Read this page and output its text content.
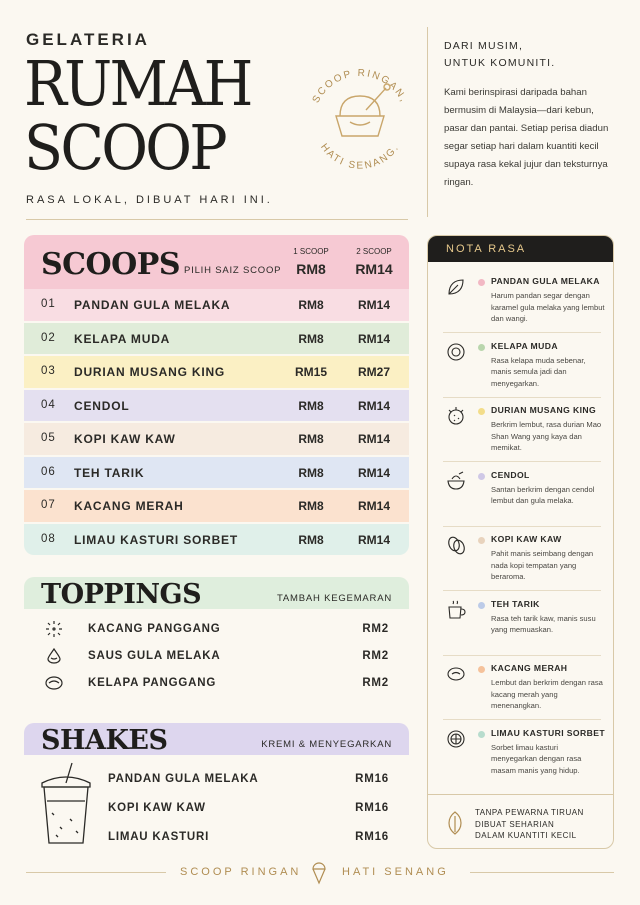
GELATERIA
RUMAH
SCOOP
RASA LOKAL, DIBUAT HARI INI.
SCOOP RINGAN,
HATI SENANG.
DARI MUSIM,
UNTUK KOMUNITI.
Kami berinspirasi daripada bahan bermusim di Malaysia—dari kebun, pasar dan pantai. Setiap perisa diadun segar setiap hari dalam kuantiti kecil supaya rasa kekal jujur dan teksturnya ringan.
SCOOPS PILIH SAIZ SCOOP
1 SCOOP	2 SCOOP
RM8	RM14
01 PANDAN GULA MELAKA	RM8	RM14
02 KELAPA MUDA	RM8	RM14
03 DURIAN MUSANG KING	RM15	RM27
04 CENDOL	RM8	RM14
05 KOPI KAW KAW	RM8	RM14
06 TEH TARIK	RM8	RM14
07 KACANG MERAH	RM8	RM14
08 LIMAU KASTURI SORBET	RM8	RM14
TOPPINGS	TAMBAH KEGEMARAN
KACANG PANGGANG	RM2
SAUS GULA MELAKA	RM2
KELAPA PANGGANG	RM2
SHAKES	KREMI & MENYEGARKAN
PANDAN GULA MELAKA	RM16
KOPI KAW KAW	RM16
LIMAU KASTURI	RM16
NOTA RASA
PANDAN GULA MELAKA
Harum pandan segar dengan karamel gula melaka yang lembut dan wangi.
KELAPA MUDA
Rasa kelapa muda sebenar, manis semula jadi dan menyegarkan.
DURIAN MUSANG KING
Berkrim lembut, rasa durian Mao Shan Wang yang kaya dan memikat.
CENDOL
Santan berkrim dengan cendol lembut dan gula melaka.
KOPI KAW KAW
Pahit manis seimbang dengan nada kopi tempatan yang beraroma.
TEH TARIK
Rasa teh tarik kaw, manis susu yang memuaskan.
KACANG MERAH
Lembut dan berkrim dengan rasa kacang merah yang menenangkan.
LIMAU KASTURI SORBET
Sorbet limau kasturi menyegarkan dengan rasa masam manis yang hidup.
TANPA PEWARNA TIRUAN
DIBUAT SEHARIAN
DALAM KUANTITI KECIL
SCOOP RINGAN	HATI SENANG
